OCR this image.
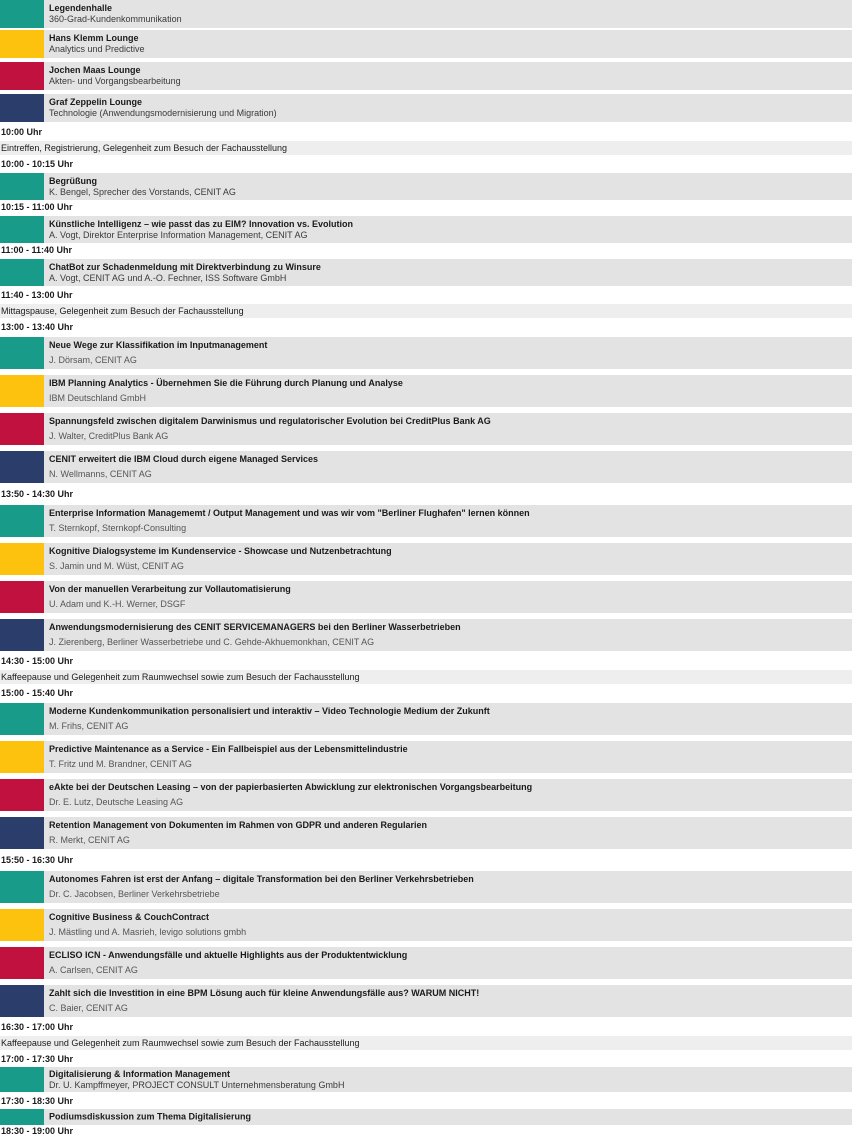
Legendenhalle
360-Grad-Kundenkommunikation
Hans Klemm Lounge
Analytics und Predictive
Jochen Maas Lounge
Akten- und Vorgangsbearbeitung
Graf Zeppelin Lounge
Technologie (Anwendungsmodernisierung und Migration)
10:00 Uhr
Eintreffen, Registrierung, Gelegenheit zum Besuch der Fachausstellung
10:00 - 10:15 Uhr
Begrüßung
K. Bengel, Sprecher des Vorstands, CENIT AG
10:15 - 11:00 Uhr
Künstliche Intelligenz – wie passt das zu EIM? Innovation vs. Evolution
A. Vogt, Direktor Enterprise Information Management, CENIT AG
11:00 - 11:40 Uhr
ChatBot zur Schadenmeldung mit Direktverbindung zu Winsure
A. Vogt, CENIT AG und A.-O. Fechner, ISS Software GmbH
11:40 - 13:00 Uhr
Mittagspause, Gelegenheit zum Besuch der Fachausstellung
13:00 - 13:40 Uhr
Neue Wege zur Klassifikation im Inputmanagement
J. Dörsam, CENIT AG
IBM Planning Analytics - Übernehmen Sie die Führung durch Planung und Analyse
IBM Deutschland GmbH
Spannungsfeld zwischen digitalem Darwinismus und regulatorischer Evolution bei CreditPlus Bank AG
J. Walter, CreditPlus Bank AG
CENIT erweitert die IBM Cloud durch eigene Managed Services
N. Wellmanns, CENIT AG
13:50 - 14:30 Uhr
Enterprise Information Managememt / Output Management und was wir vom "Berliner Flughafen" lernen können
T. Sternkopf, Sternkopf-Consulting
Kognitive Dialogsysteme im Kundenservice - Showcase und Nutzenbetrachtung
S. Jamin und M. Wüst, CENIT AG
Von der manuellen Verarbeitung zur Vollautomatisierung
U. Adam und K.-H. Werner, DSGF
Anwendungsmodernisierung des CENIT SERVICEMANAGERS bei den Berliner Wasserbetrieben
J. Zierenberg, Berliner Wasserbetriebe und C. Gehde-Akhuemonkhan, CENIT AG
14:30 - 15:00 Uhr
Kaffeepause und Gelegenheit zum Raumwechsel sowie zum Besuch der Fachausstellung
15:00 - 15:40 Uhr
Moderne Kundenkommunikation personalisiert und interaktiv – Video Technologie Medium der Zukunft
M. Frihs, CENIT AG
Predictive Maintenance as a Service - Ein Fallbeispiel aus der Lebensmittelindustrie
T. Fritz und M. Brandner, CENIT AG
eAkte bei der Deutschen Leasing – von der papierbasierten Abwicklung zur elektronischen Vorgangsbearbeitung
Dr. E. Lutz, Deutsche Leasing AG
Retention Management von Dokumenten im Rahmen von GDPR und anderen Regularien
R. Merkt, CENIT AG
15:50 - 16:30 Uhr
Autonomes Fahren ist erst der Anfang – digitale Transformation bei den Berliner Verkehrsbetrieben
Dr. C. Jacobsen, Berliner Verkehrsbetriebe
Cognitive Business & CouchContract
J. Mästling und A. Masrieh, levigo solutions gmbh
ECLISO ICN - Anwendungsfälle und aktuelle Highlights aus der Produktentwicklung
A. Carlsen, CENIT AG
Zahlt sich die Investition in eine BPM Lösung auch für kleine Anwendungsfälle aus? WARUM NICHT!
C. Baier, CENIT AG
16:30 - 17:00 Uhr
Kaffeepause und Gelegenheit zum Raumwechsel sowie zum Besuch der Fachausstellung
17:00 - 17:30 Uhr
Digitalisierung & Information Management
Dr. U. Kampffmeyer, PROJECT CONSULT Unternehmensberatung GmbH
17:30 - 18:30 Uhr
Podiumsdiskussion zum Thema Digitalisierung
18:30 - 19:00 Uhr
